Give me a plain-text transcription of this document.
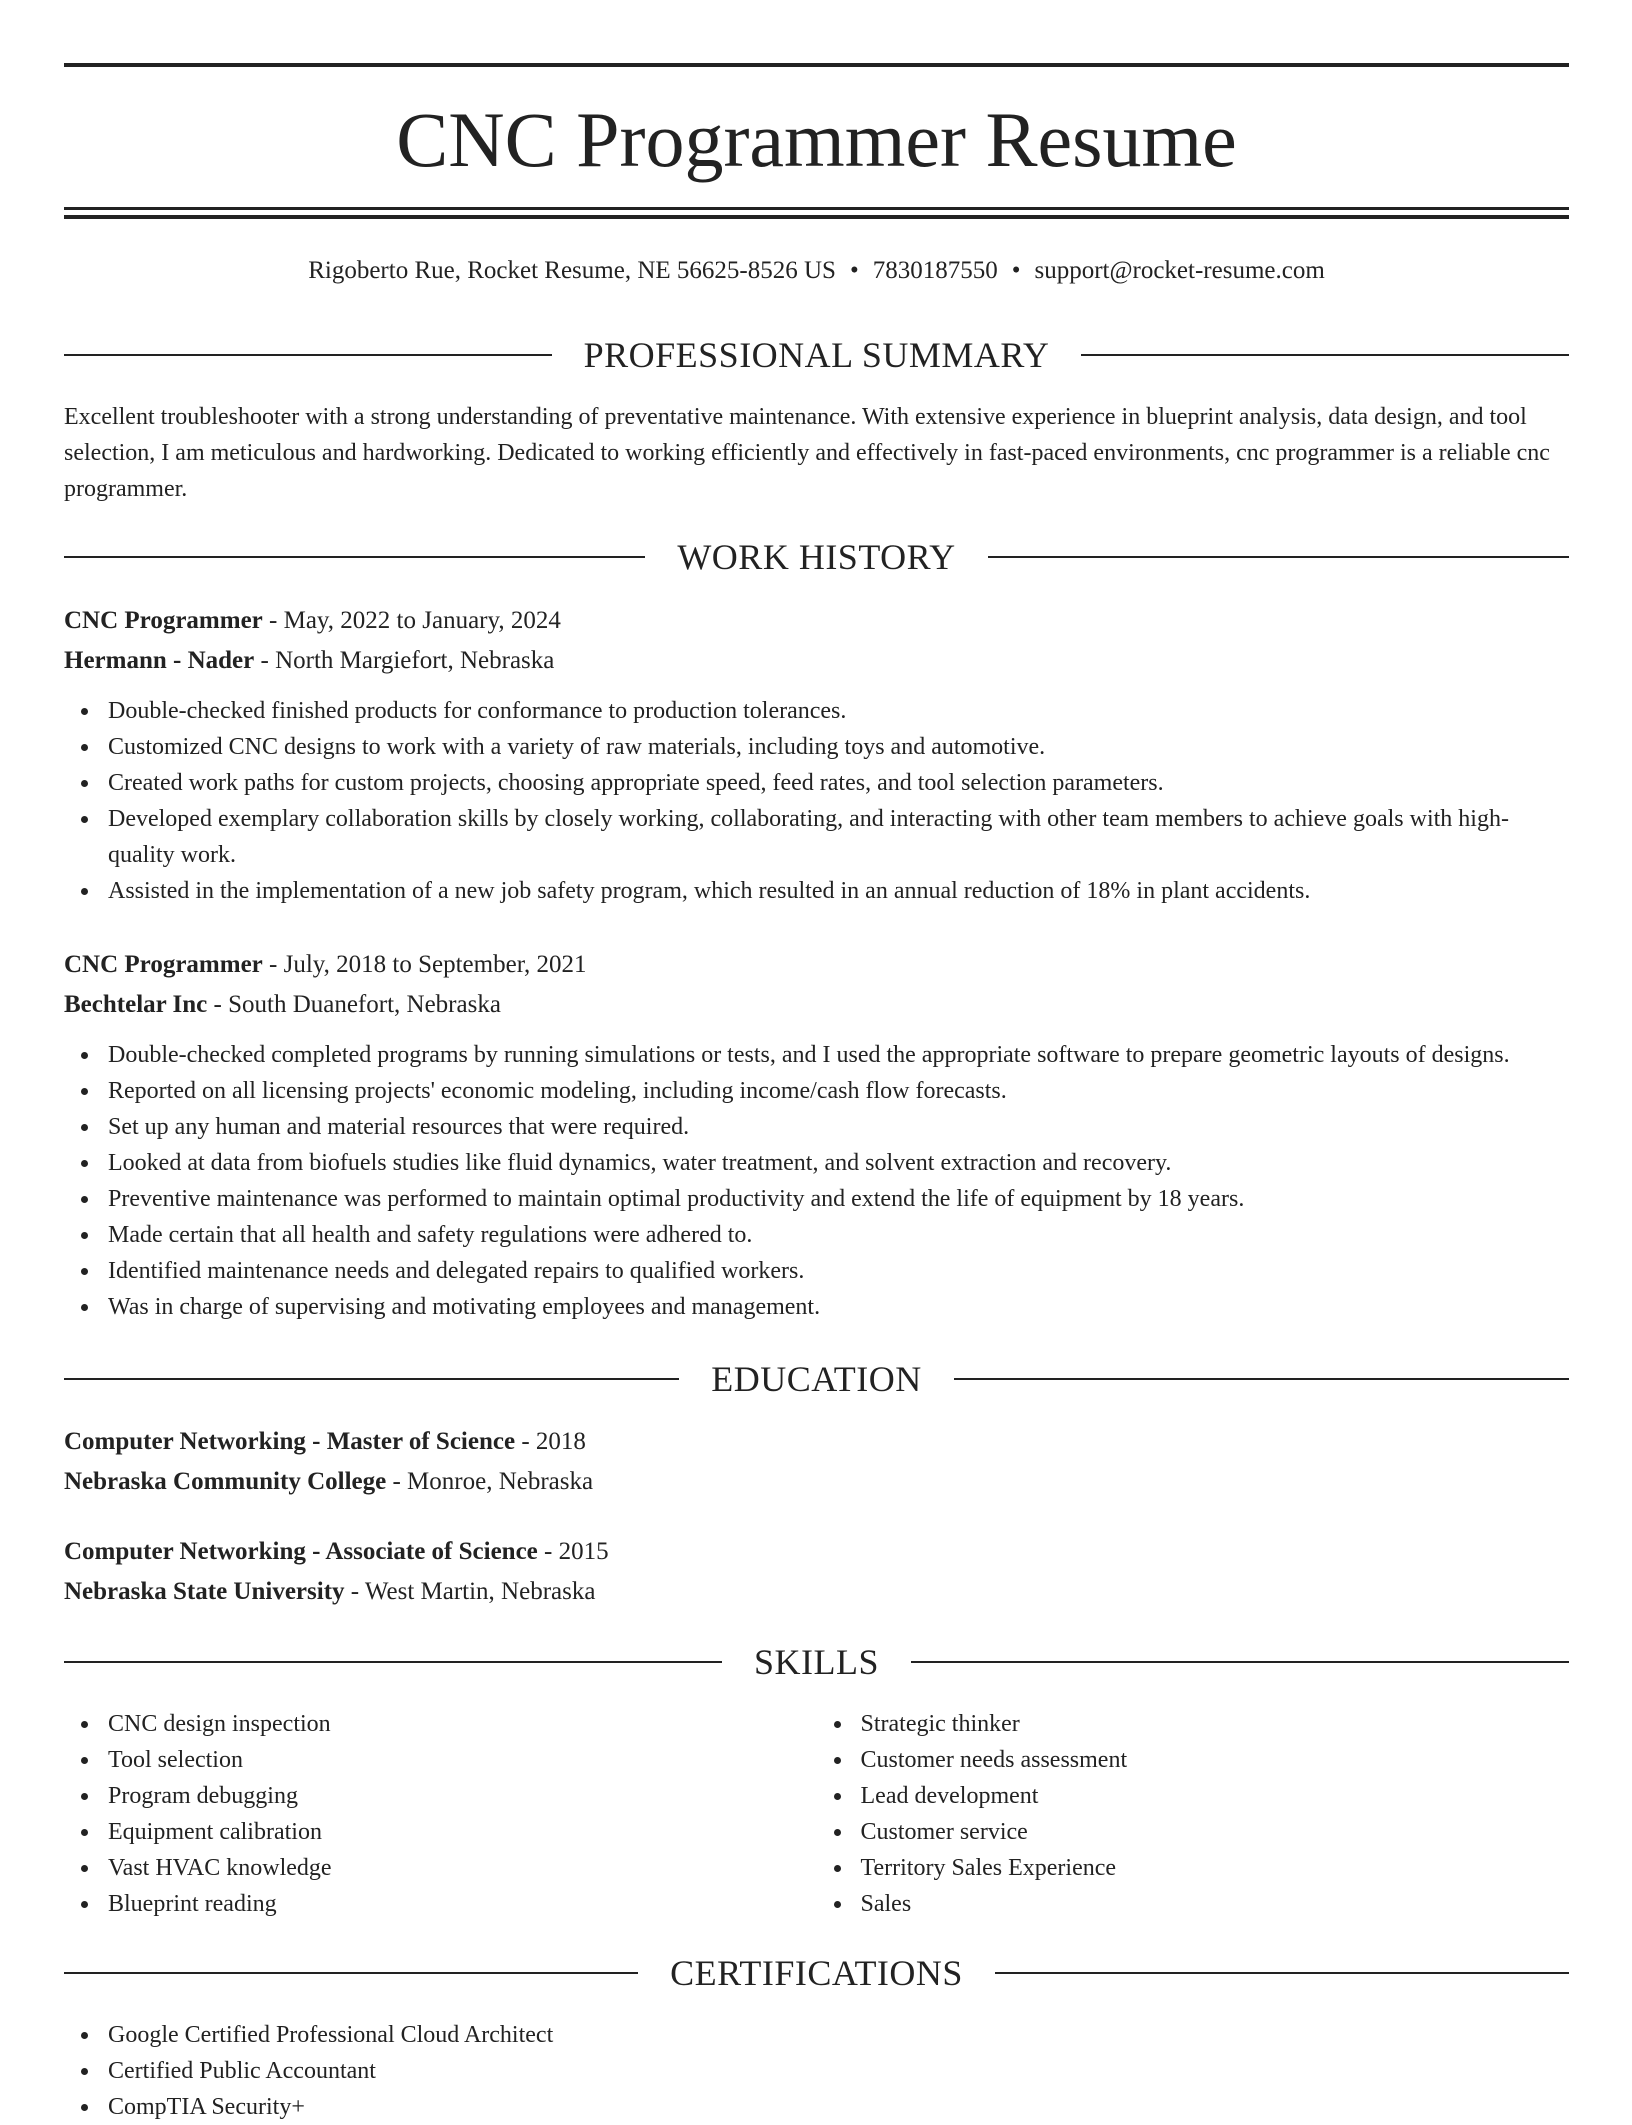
CNC Programmer Resume
Rigoberto Rue, Rocket Resume, NE 56625-8526 US • 7830187550 • support@rocket-resume.com
PROFESSIONAL SUMMARY

Excellent troubleshooter with a strong understanding of preventative maintenance. With extensive experience in blueprint analysis, data design, and tool selection, I am meticulous and hardworking. Dedicated to working efficiently and effectively in fast-paced environments, cnc programmer is a reliable cnc programmer.

WORK HISTORY

CNC Programmer - May, 2022 to January, 2024

Hermann - Nader - North Margiefort, Nebraska

Double-checked finished products for conformance to production tolerances.
Customized CNC designs to work with a variety of raw materials, including toys and automotive.
Created work paths for custom projects, choosing appropriate speed, feed rates, and tool selection parameters.
Developed exemplary collaboration skills by closely working, collaborating, and interacting with other team members to achieve goals with high-quality work.
Assisted in the implementation of a new job safety program, which resulted in an annual reduction of 18% in plant accidents.

CNC Programmer - July, 2018 to September, 2021

Bechtelar Inc - South Duanefort, Nebraska

Double-checked completed programs by running simulations or tests, and I used the appropriate software to prepare geometric layouts of designs.
Reported on all licensing projects' economic modeling, including income/cash flow forecasts.
Set up any human and material resources that were required.
Looked at data from biofuels studies like fluid dynamics, water treatment, and solvent extraction and recovery.
Preventive maintenance was performed to maintain optimal productivity and extend the life of equipment by 18 years.
Made certain that all health and safety regulations were adhered to.
Identified maintenance needs and delegated repairs to qualified workers.
Was in charge of supervising and motivating employees and management.
EDUCATION

Computer Networking - Master of Science - 2018

Nebraska Community College - Monroe, Nebraska

Computer Networking - Associate of Science - 2015

Nebraska State University - West Martin, Nebraska

SKILLS
CNC design inspection
Tool selection
Program debugging
Equipment calibration
Vast HVAC knowledge
Blueprint reading
Strategic thinker
Customer needs assessment
Lead development
Customer service
Territory Sales Experience
Sales
CERTIFICATIONS
Google Certified Professional Cloud Architect
Certified Public Accountant
CompTIA Security+
